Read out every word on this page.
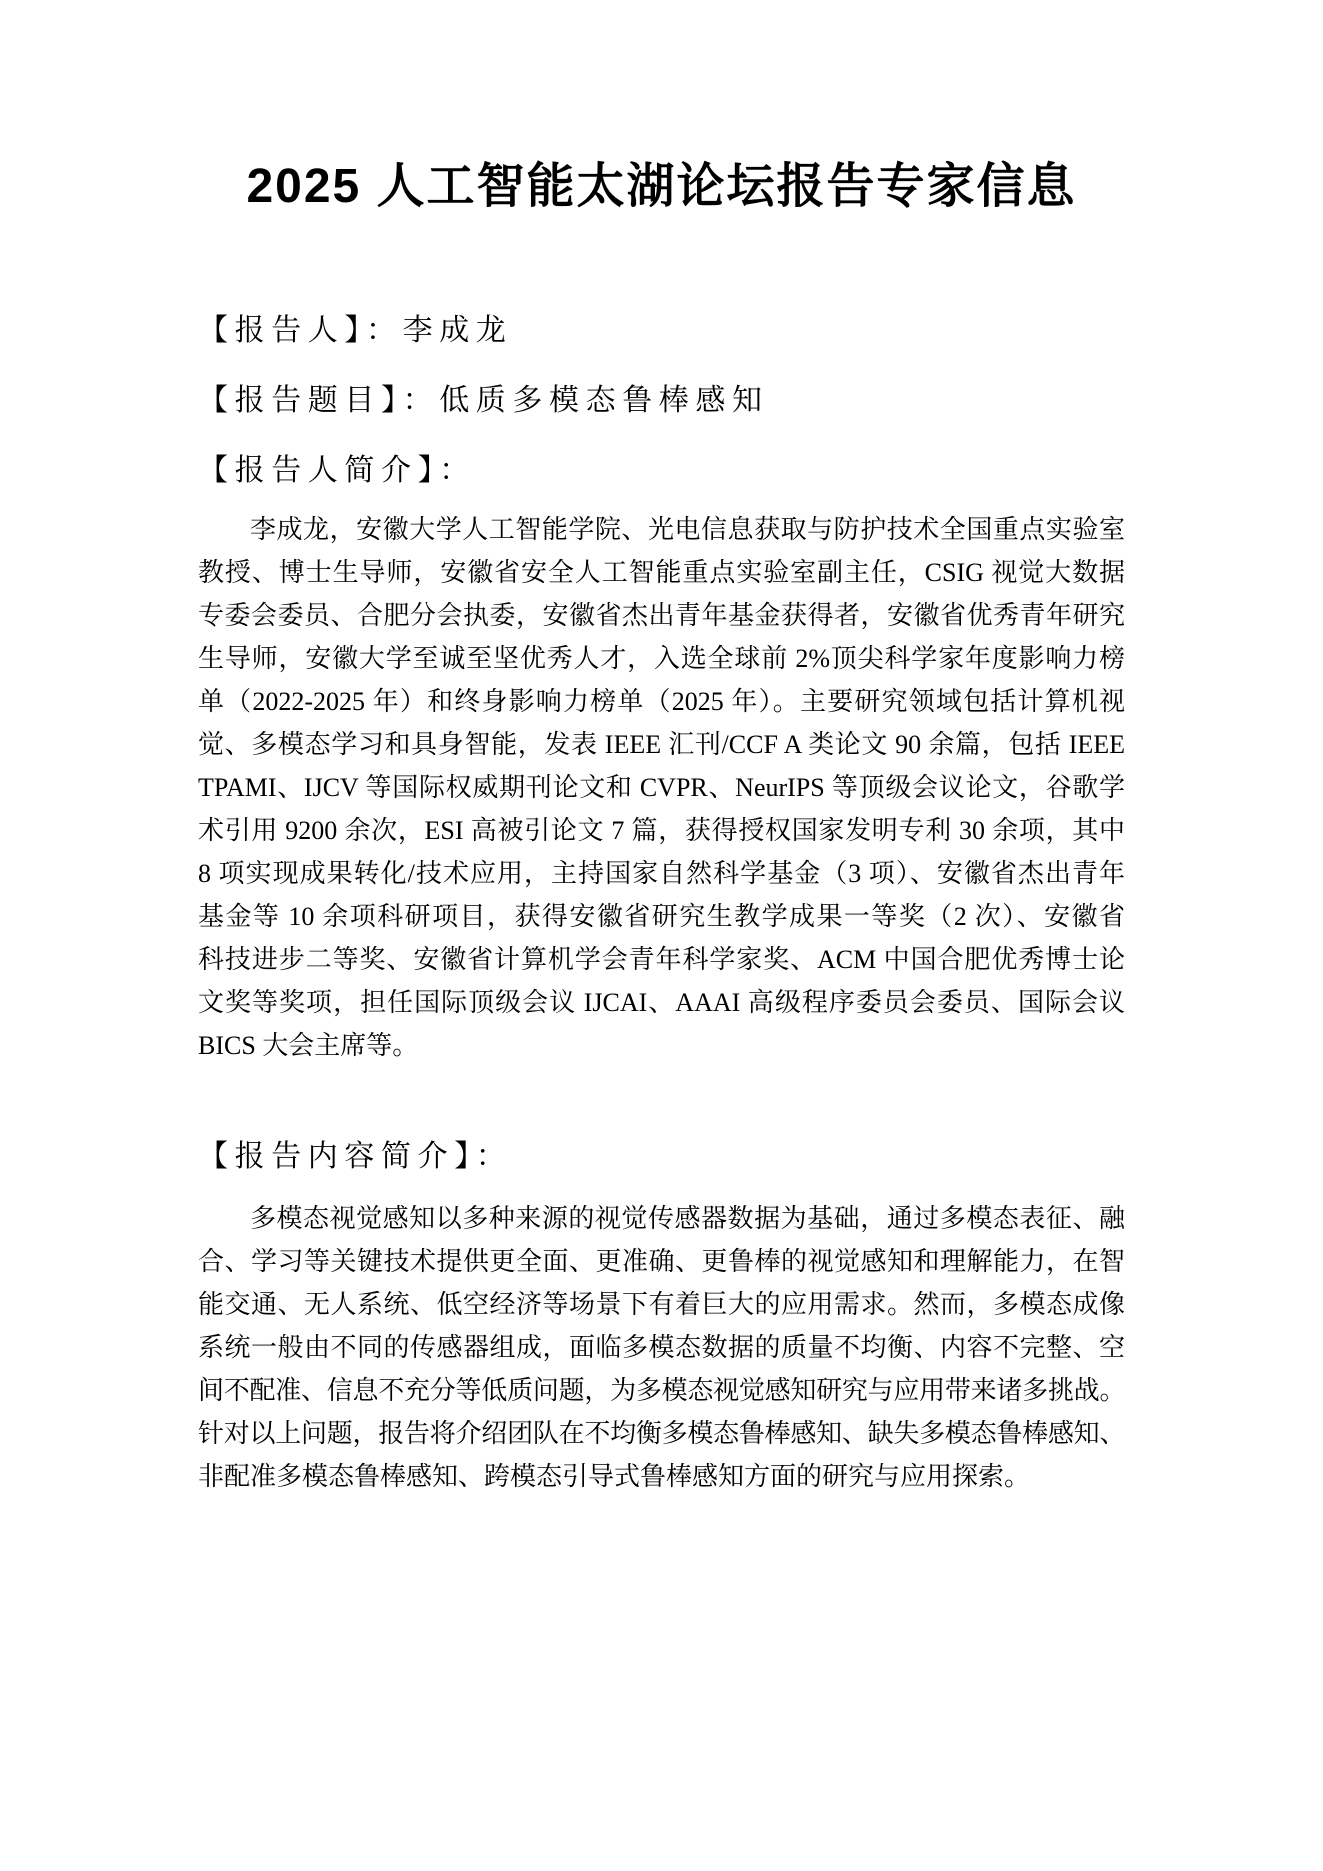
2025 人工智能太湖论坛报告专家信息
【报告人】：李成龙
【报告题目】：低质多模态鲁棒感知
【报告人简介】：
李成龙，安徽大学人工智能学院、光电信息获取与防护技术全国重点实验室
教授、博士生导师，安徽省安全人工智能重点实验室副主任，CSIG 视觉大数据
专委会委员、合肥分会执委，安徽省杰出青年基金获得者，安徽省优秀青年研究
生导师，安徽大学至诚至坚优秀人才，入选全球前 2%顶尖科学家年度影响力榜
单（2022-2025 年）和终身影响力榜单（2025 年）。主要研究领域包括计算机视
觉、多模态学习和具身智能，发表 IEEE 汇刊/CCF A 类论文 90 余篇，包括 IEEE
TPAMI、IJCV 等国际权威期刊论文和 CVPR、NeurIPS 等顶级会议论文，谷歌学
术引用 9200 余次，ESI 高被引论文 7 篇，获得授权国家发明专利 30 余项，其中
8 项实现成果转化/技术应用，主持国家自然科学基金（3 项）、安徽省杰出青年
基金等 10 余项科研项目，获得安徽省研究生教学成果一等奖（2 次）、安徽省
科技进步二等奖、安徽省计算机学会青年科学家奖、ACM 中国合肥优秀博士论
文奖等奖项，担任国际顶级会议 IJCAI、AAAI 高级程序委员会委员、国际会议
BICS 大会主席等。
【报告内容简介】：
多模态视觉感知以多种来源的视觉传感器数据为基础，通过多模态表征、融
合、学习等关键技术提供更全面、更准确、更鲁棒的视觉感知和理解能力，在智
能交通、无人系统、低空经济等场景下有着巨大的应用需求。然而，多模态成像
系统一般由不同的传感器组成，面临多模态数据的质量不均衡、内容不完整、空
间不配准、信息不充分等低质问题，为多模态视觉感知研究与应用带来诸多挑战。
针对以上问题，报告将介绍团队在不均衡多模态鲁棒感知、缺失多模态鲁棒感知、
非配准多模态鲁棒感知、跨模态引导式鲁棒感知方面的研究与应用探索。
